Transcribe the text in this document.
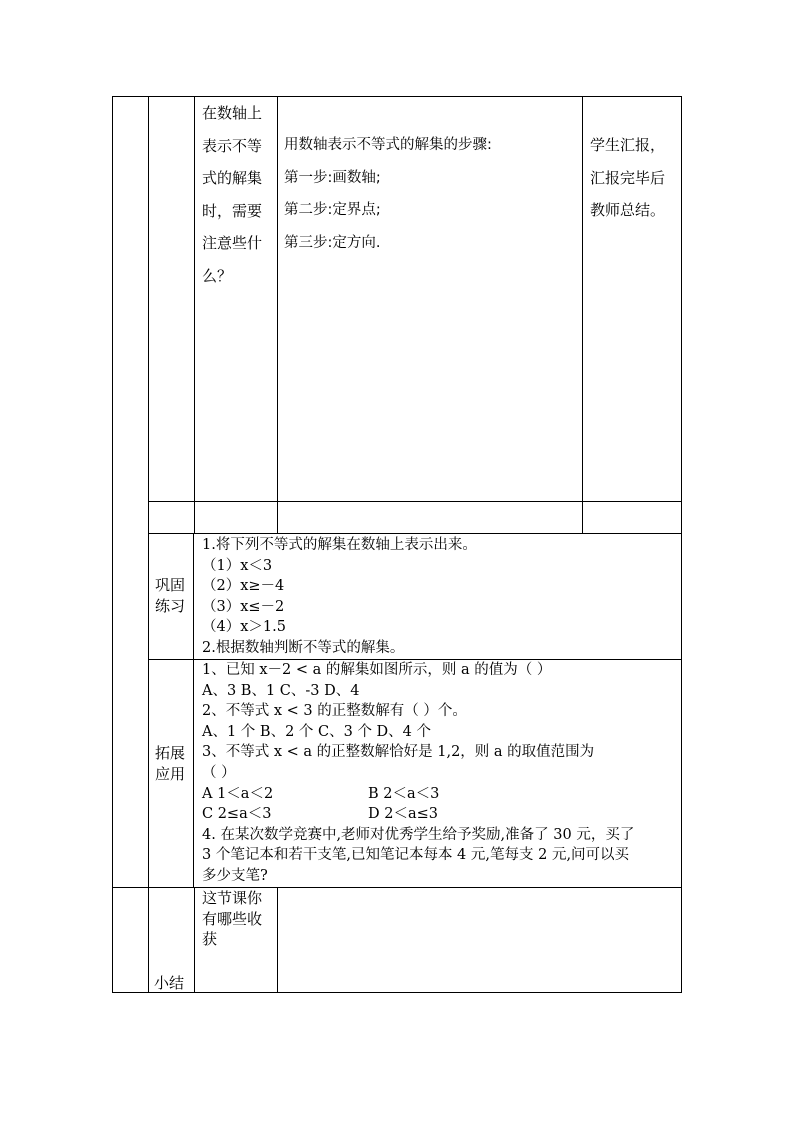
在数轴上
表示不等
式的解集
时，需要
注意些什
么？
用数轴表示不等式的解集的步骤:
第一步:画数轴;
第二步:定界点;
第三步:定方向.
学生汇报，
汇报完毕后
教师总结。
巩固
练习
1.将下列不等式的解集在数轴上表示出来。
（1）x＜3
（2）x≥－4
（3）x≤－2
（4）x＞1.5
2.根据数轴判断不等式的解集。
拓展
应用
1、已知 x－2 < a 的解集如图所示，则 a 的值为（ ）
A、3 B、1 C、-3 D、4
2、不等式 x < 3 的正整数解有（ ）个。
A、1 个 B、2 个 C、3 个 D、4 个
3、不等式 x < a 的正整数解恰好是 1,2，则 a 的取值范围为
（ ）
A 1＜a＜2	B 2＜a＜3
C 2≤a＜3	D 2＜a≤3
4. 在某次数学竞赛中,老师对优秀学生给予奖励,准备了 30 元，买了
3 个笔记本和若干支笔,已知笔记本每本 4 元,笔每支 2 元,问可以买
多少支笔?
小结
这节课你
有哪些收
获
